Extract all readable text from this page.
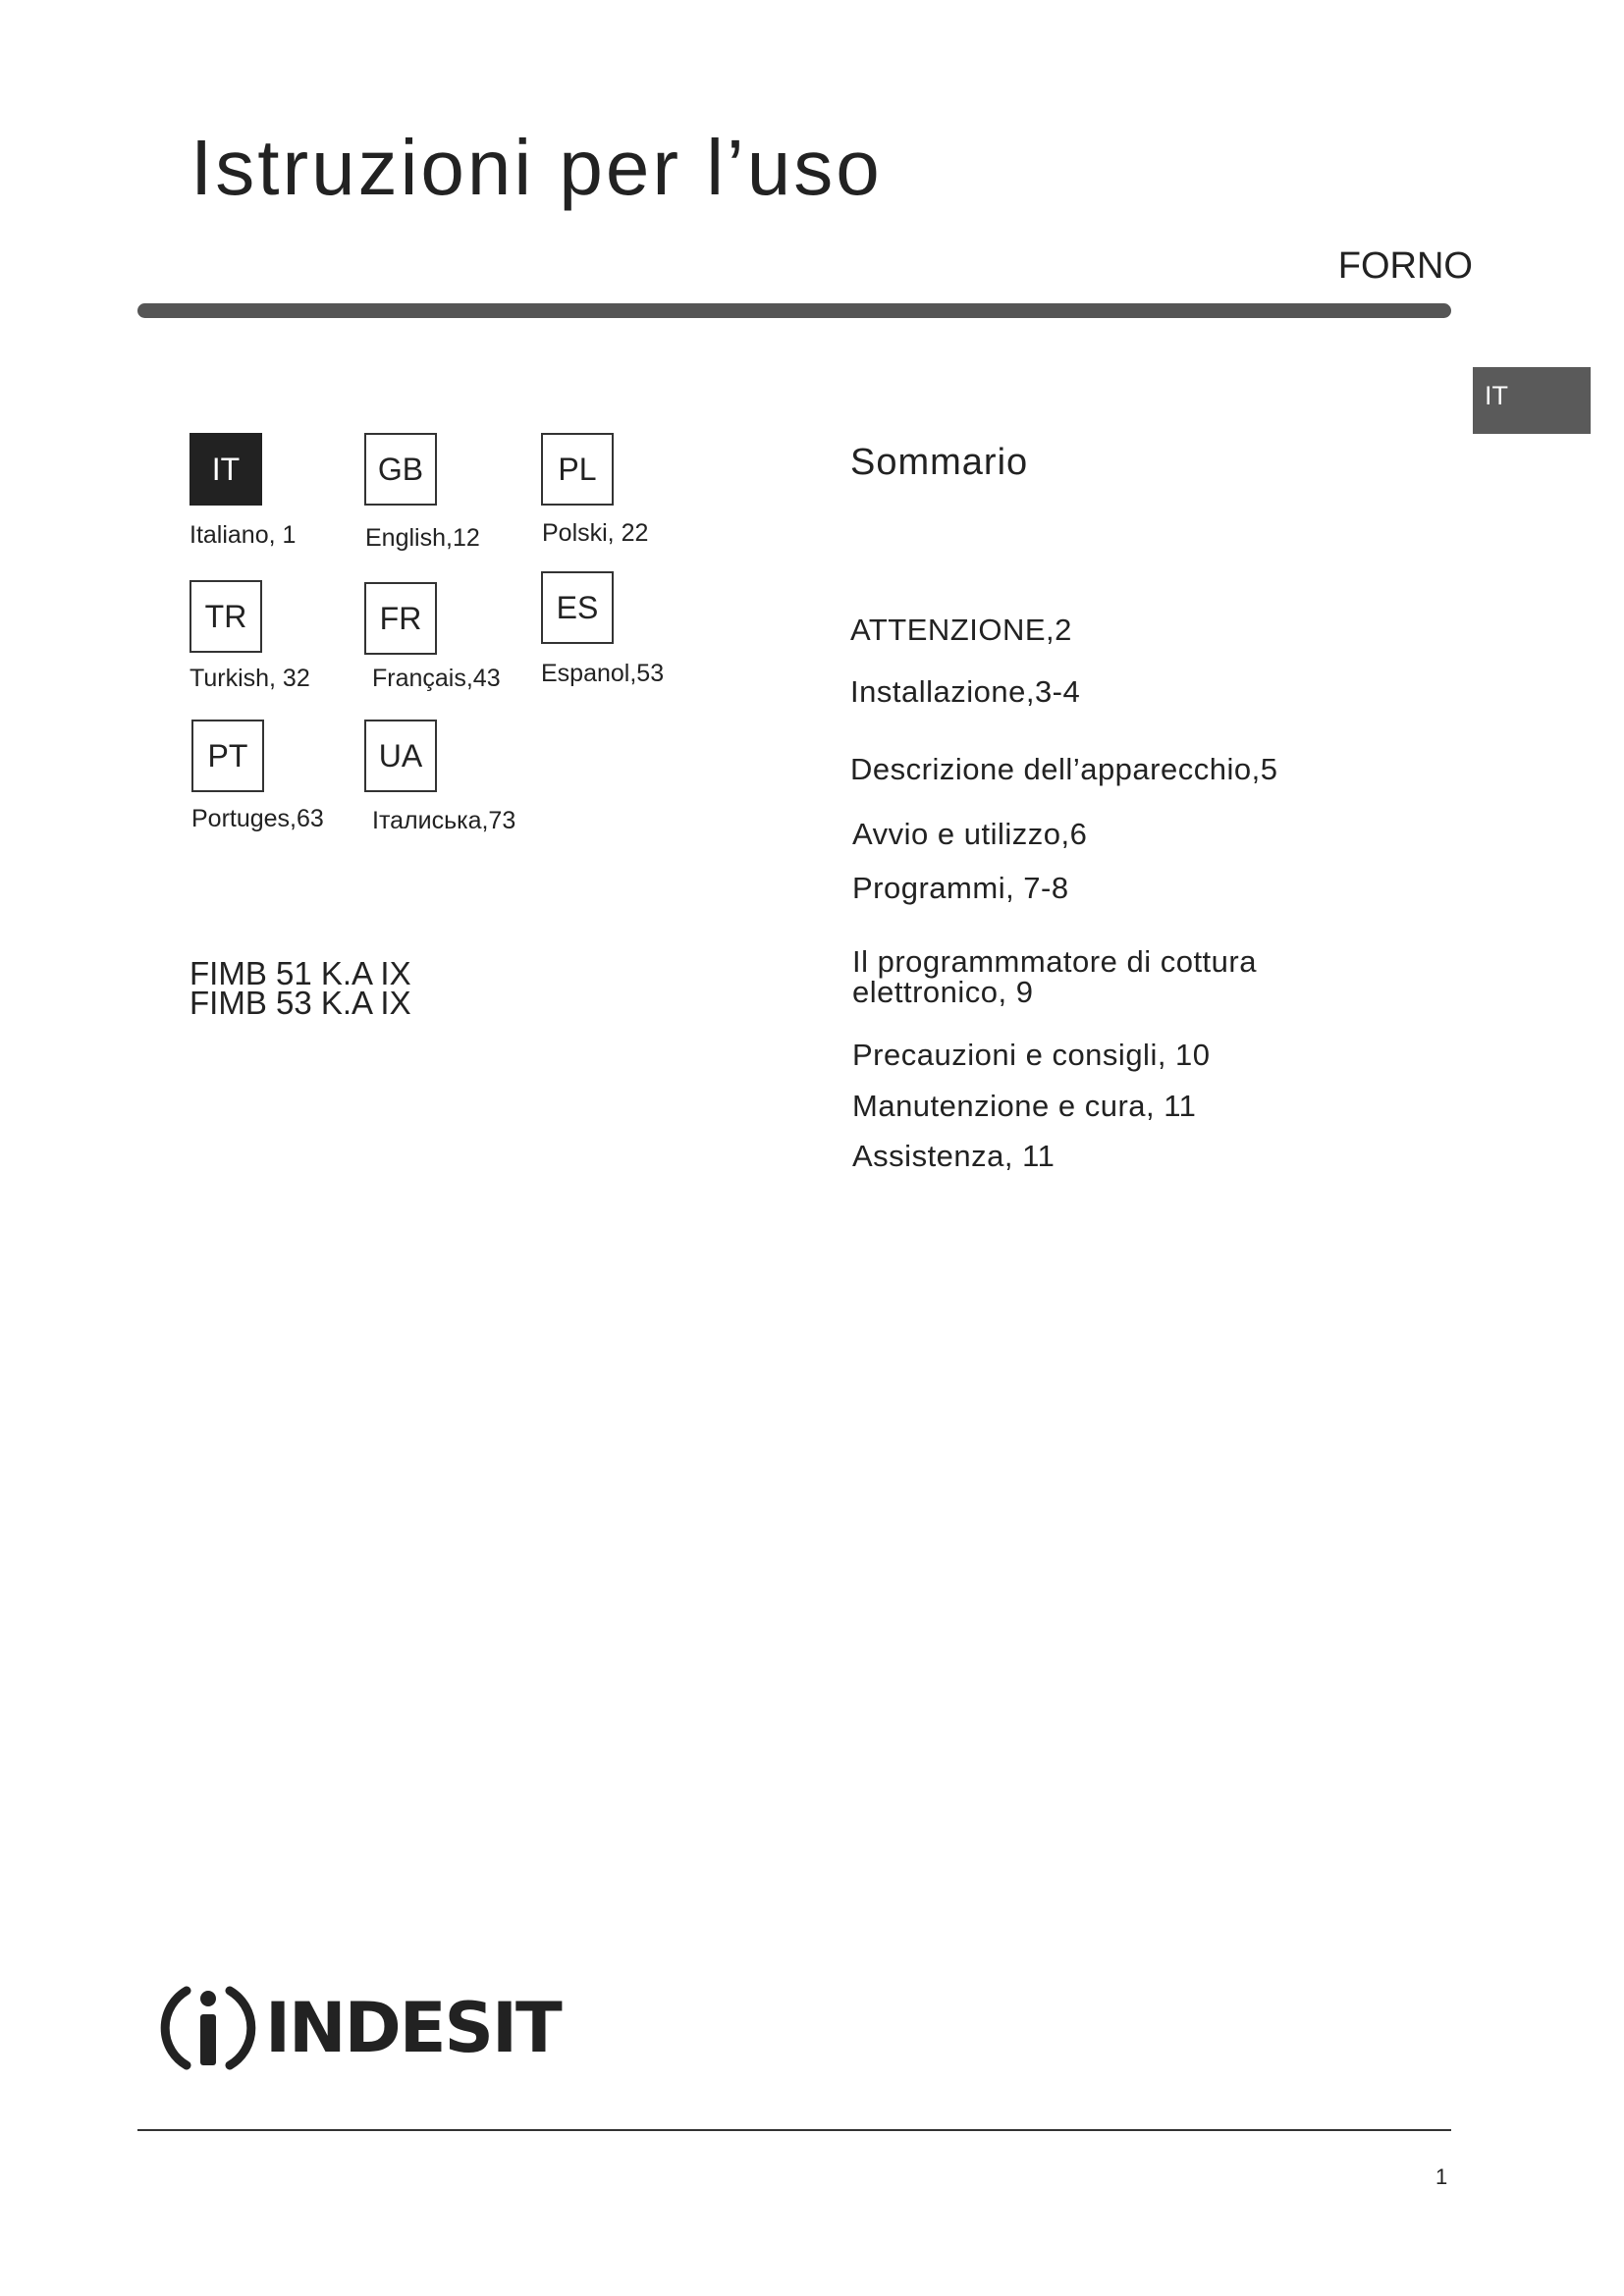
Istruzioni per l’uso
FORNO
IT
IT
Italiano, 1
GB
English,12
PL
Polski, 22
TR
Turkish, 32
FR
Français,43
ES
Espanol,53
PT
Portuges,63
UA
Італиська,73
FIMB 51 K.A IX
FIMB 53 K.A IX
Sommario
ATTENZIONE,2
Installazione,3-4
Descrizione dell’apparecchio,5
Avvio e utilizzo,6
Programmi, 7-8
Il programmmatore di cottura
elettronico, 9
Precauzioni e consigli, 10
Manutenzione e cura, 11
Assistenza, 11
INDESIT
1
